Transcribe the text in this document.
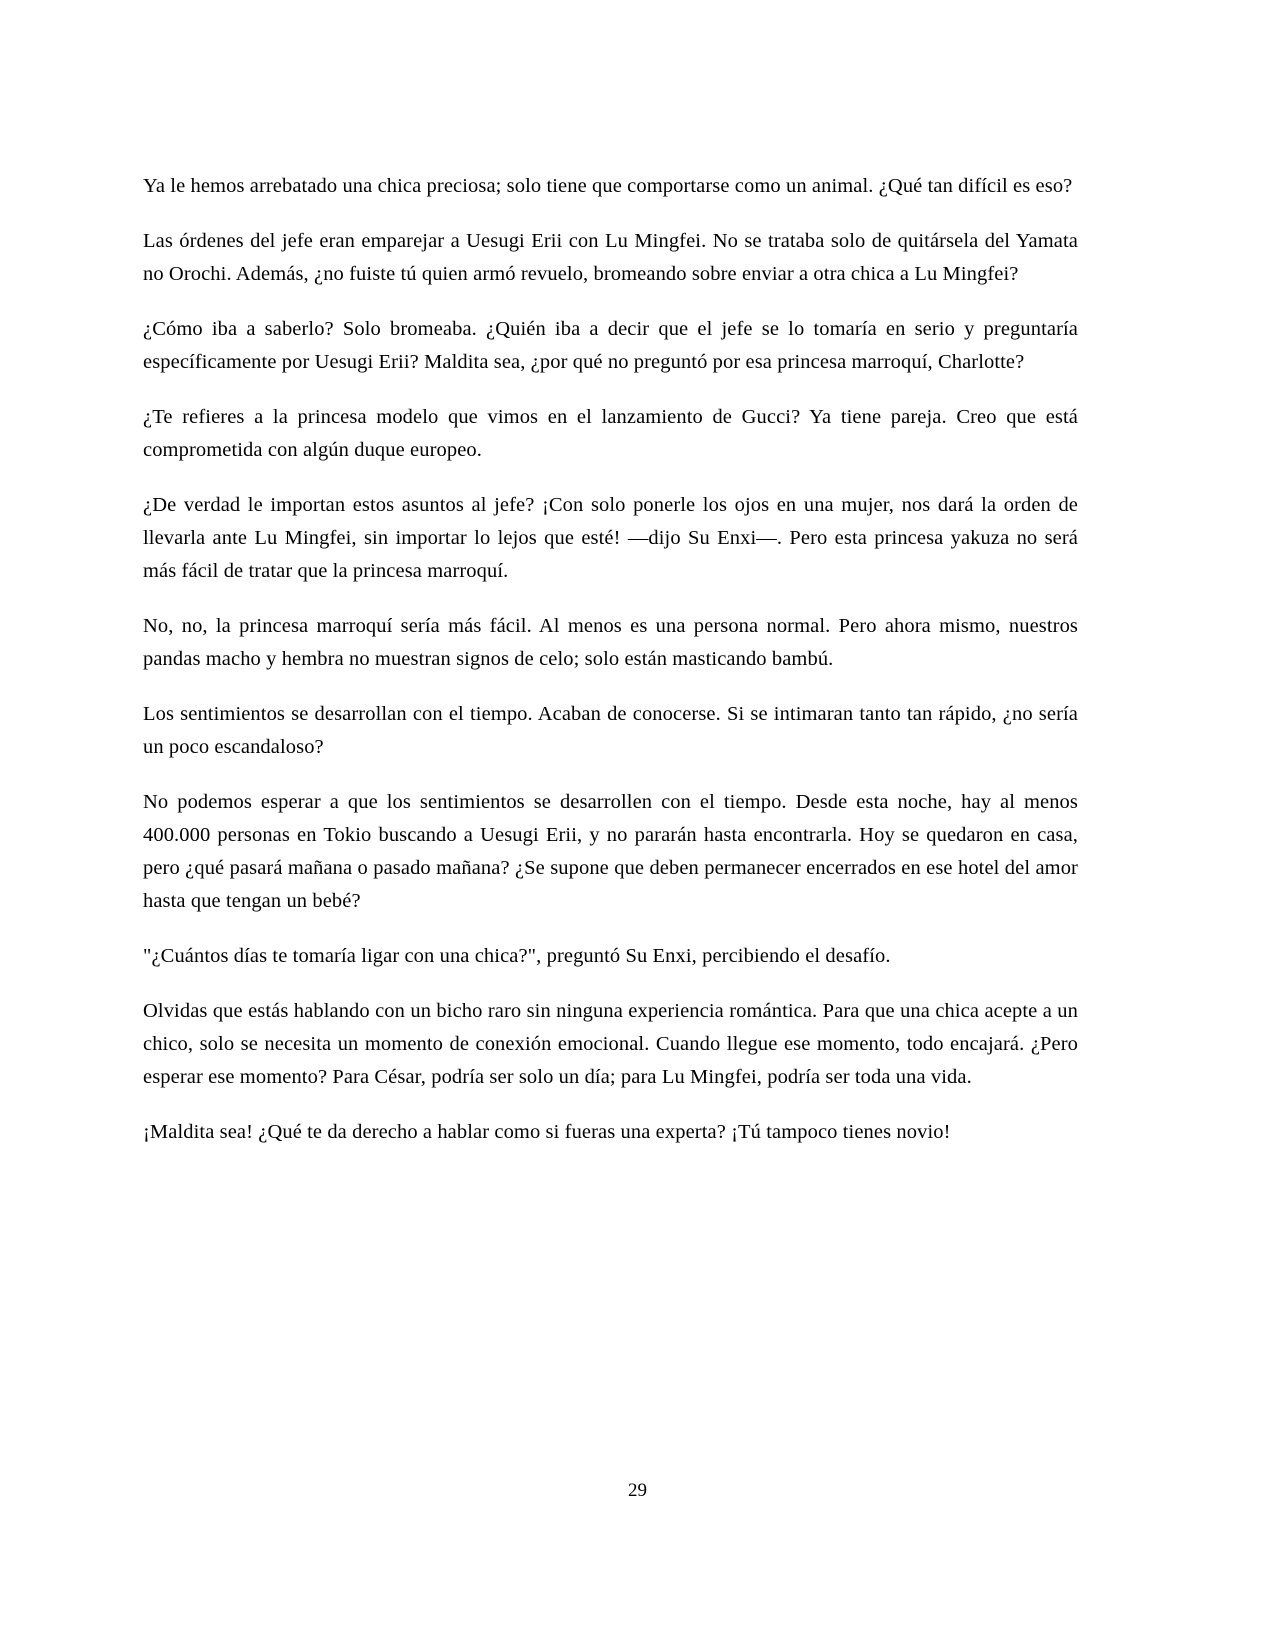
Ya le hemos arrebatado una chica preciosa; solo tiene que comportarse como un animal. ¿Qué tan difícil es eso?

Las órdenes del jefe eran emparejar a Uesugi Erii con Lu Mingfei. No se trataba solo de quitársela del Yamata no Orochi. Además, ¿no fuiste tú quien armó revuelo, bromeando sobre enviar a otra chica a Lu Mingfei?

¿Cómo iba a saberlo? Solo bromeaba. ¿Quién iba a decir que el jefe se lo tomaría en serio y preguntaría específicamente por Uesugi Erii? Maldita sea, ¿por qué no preguntó por esa princesa marroquí, Charlotte?

¿Te refieres a la princesa modelo que vimos en el lanzamiento de Gucci? Ya tiene pareja. Creo que está comprometida con algún duque europeo.

¿De verdad le importan estos asuntos al jefe? ¡Con solo ponerle los ojos en una mujer, nos dará la orden de llevarla ante Lu Mingfei, sin importar lo lejos que esté! —dijo Su Enxi—. Pero esta princesa yakuza no será más fácil de tratar que la princesa marroquí.

No, no, la princesa marroquí sería más fácil. Al menos es una persona normal. Pero ahora mismo, nuestros pandas macho y hembra no muestran signos de celo; solo están masticando bambú.

Los sentimientos se desarrollan con el tiempo. Acaban de conocerse. Si se intimaran tanto tan rápido, ¿no sería un poco escandaloso?

No podemos esperar a que los sentimientos se desarrollen con el tiempo. Desde esta noche, hay al menos 400.000 personas en Tokio buscando a Uesugi Erii, y no pararán hasta encontrarla. Hoy se quedaron en casa, pero ¿qué pasará mañana o pasado mañana? ¿Se supone que deben permanecer encerrados en ese hotel del amor hasta que tengan un bebé?

"¿Cuántos días te tomaría ligar con una chica?", preguntó Su Enxi, percibiendo el desafío.

Olvidas que estás hablando con un bicho raro sin ninguna experiencia romántica. Para que una chica acepte a un chico, solo se necesita un momento de conexión emocional. Cuando llegue ese momento, todo encajará. ¿Pero esperar ese momento? Para César, podría ser solo un día; para Lu Mingfei, podría ser toda una vida.

¡Maldita sea! ¿Qué te da derecho a hablar como si fueras una experta? ¡Tú tampoco tienes novio!

29
